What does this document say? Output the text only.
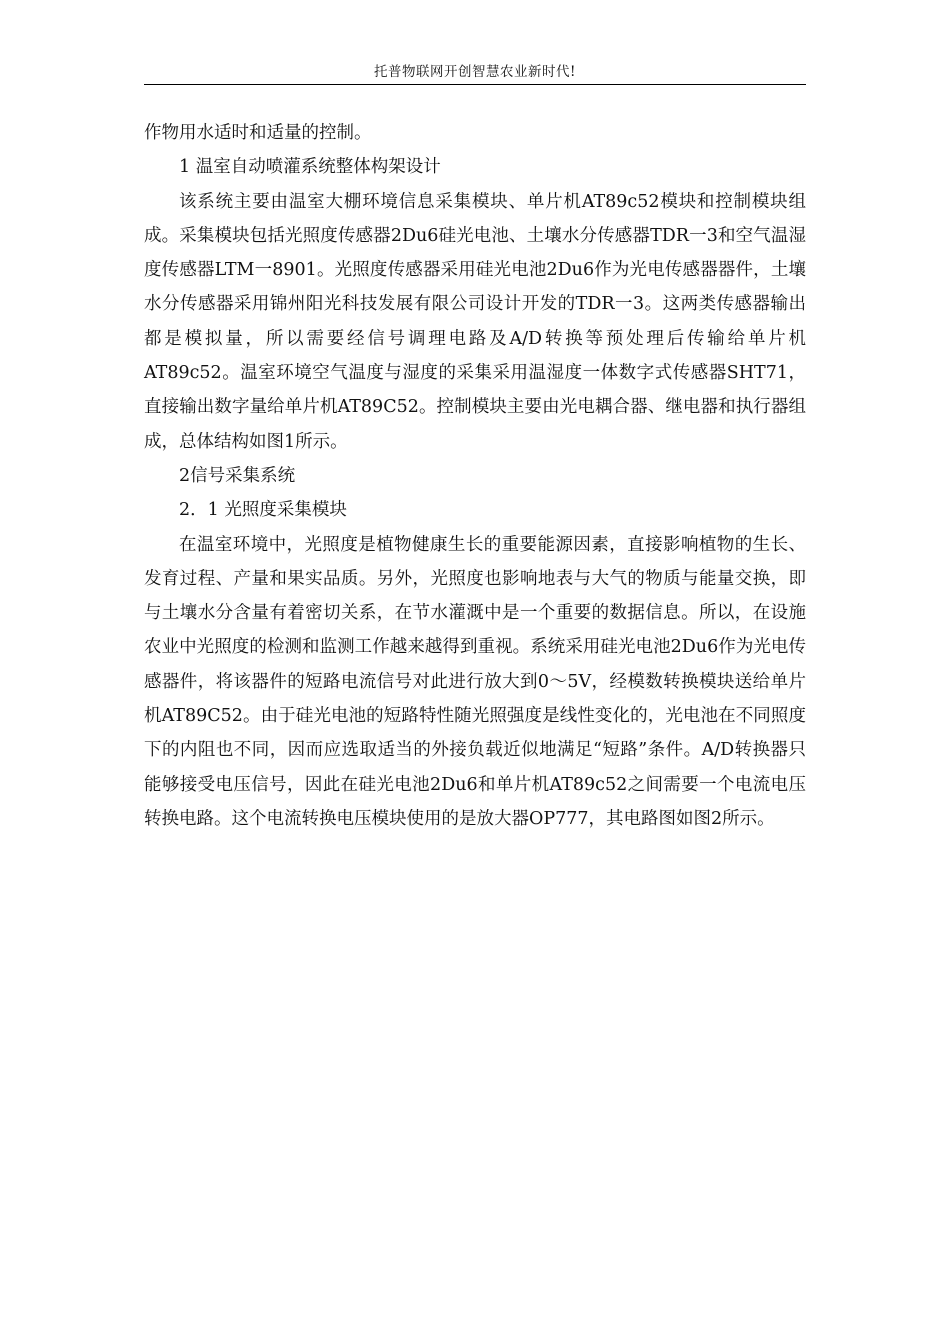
托普物联网开创智慧农业新时代!

作物用水适时和适量的控制。

1 温室自动喷灌系统整体构架设计

该系统主要由温室大棚环境信息采集模块、单片机AT89c52模块和控制模块组成。采集模块包括光照度传感器2Du6硅光电池、土壤水分传感器TDR一3和空气温湿度传感器LTM一8901。光照度传感器采用硅光电池2Du6作为光电传感器器件，土壤水分传感器采用锦州阳光科技发展有限公司设计开发的TDR一3。这两类传感器输出都是模拟量，所以需要经信号调理电路及A/D转换等预处理后传输给单片机AT89c52。温室环境空气温度与湿度的采集采用温湿度一体数字式传感器SHT71，直接输出数字量给单片机AT89C52。控制模块主要由光电耦合器、继电器和执行器组成，总体结构如图1所示。

2信号采集系统

2．1 光照度采集模块

在温室环境中，光照度是植物健康生长的重要能源因素，直接影响植物的生长、发育过程、产量和果实品质。另外，光照度也影响地表与大气的物质与能量交换，即与土壤水分含量有着密切关系，在节水灌溉中是一个重要的数据信息。所以，在设施农业中光照度的检测和监测工作越来越得到重视。系统采用硅光电池2Du6作为光电传感器件，将该器件的短路电流信号对此进行放大到0～5V，经模数转换模块送给单片机AT89C52。由于硅光电池的短路特性随光照强度是线性变化的，光电池在不同照度下的内阻也不同，因而应选取适当的外接负载近似地满足“短路”条件。A/D转换器只能够接受电压信号，因此在硅光电池2Du6和单片机AT89c52之间需要一个电流电压转换电路。这个电流转换电压模块使用的是放大器OP777，其电路图如图2所示。
